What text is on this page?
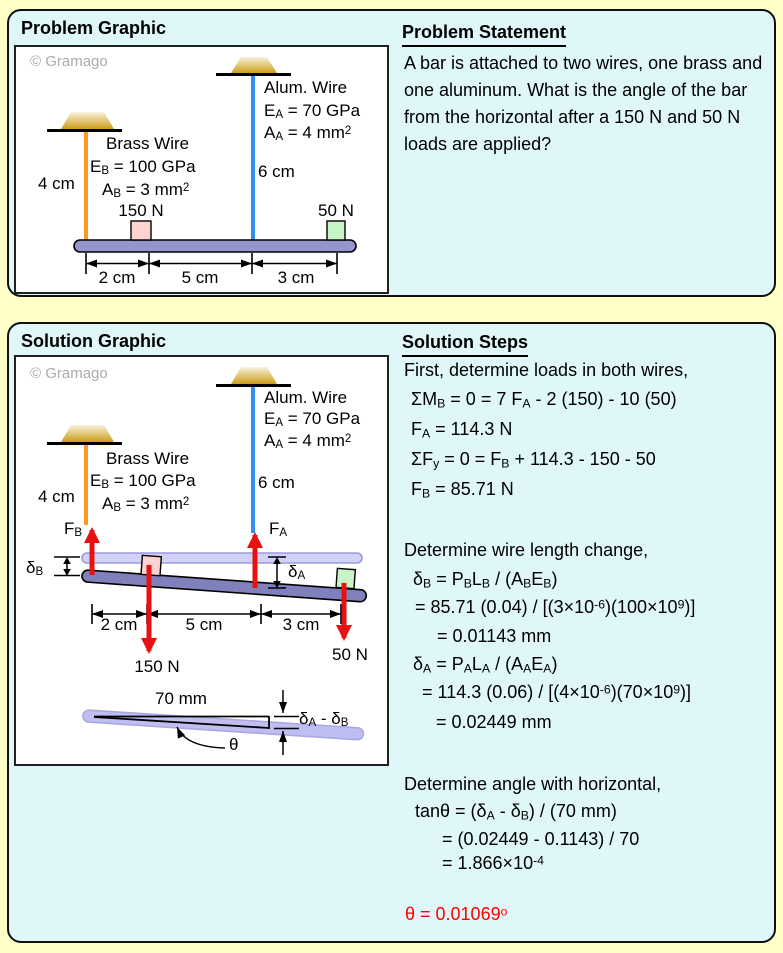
Problem Graphic
© Gramago
Alum. Wire
$E_A = 70$ GPa
$A_A = 4$ $mm^2$
Brass Wire
$E_B = 100$ GPa
$A_B = 3$ $mm^2$
4 cm
6 cm
150 N	50 N
2 cm	5 cm	3 cm
Problem Statement
A bar is attached to two wires, one brass and one aluminum. What is the angle of the bar from the horizontal after a 150 N and 50 N loads are applied?
Solution Graphic
© Gramago
Alum. Wire
$E_A = 70$ GPa
$A_A = 4$ $mm^2$
Brass Wire
$E_B = 100$ GPa
$A_B = 3$ $mm^2$
4 cm
6 cm
$F_B$	$F_A$
$\delta_B$	$\delta_A$
2 cm	5 cm	3 cm
150 N
50 N
70 mm
$\delta_A - \delta_B$
θ
Solution Steps
First, determine loads in both wires,
$\Sigma M_B = 0 = 7$ $F_A - 2$ (150) - 10 (50)
$F_A = 114.3$ N
$\Sigma F_y = 0 = F_B + 114.3 - 150 - 50$
$F_B = 85.71$ N
Determine wire length change,
$\delta_B = P_BL_B / (A_BE_B)$
= 85.71 $(0.04) / [(3\times 10^{-6})(100\times 10^9)]$
= 0.01143 mm
$\delta_A = P_AL_A / (A_AE_A)$
= 114.3 $(0.06) / [(4\times 10^{-6})(70\times 10^9)]$
= 0.02449 mm
Determine angle with horizontal,
$\tan\theta = (\delta_A - \delta_B) / (70$ mm)
= (0.02449 - 0.1143) / 70
= $1.866\times 10^{-4}$
$\theta = 0.01069^o$
